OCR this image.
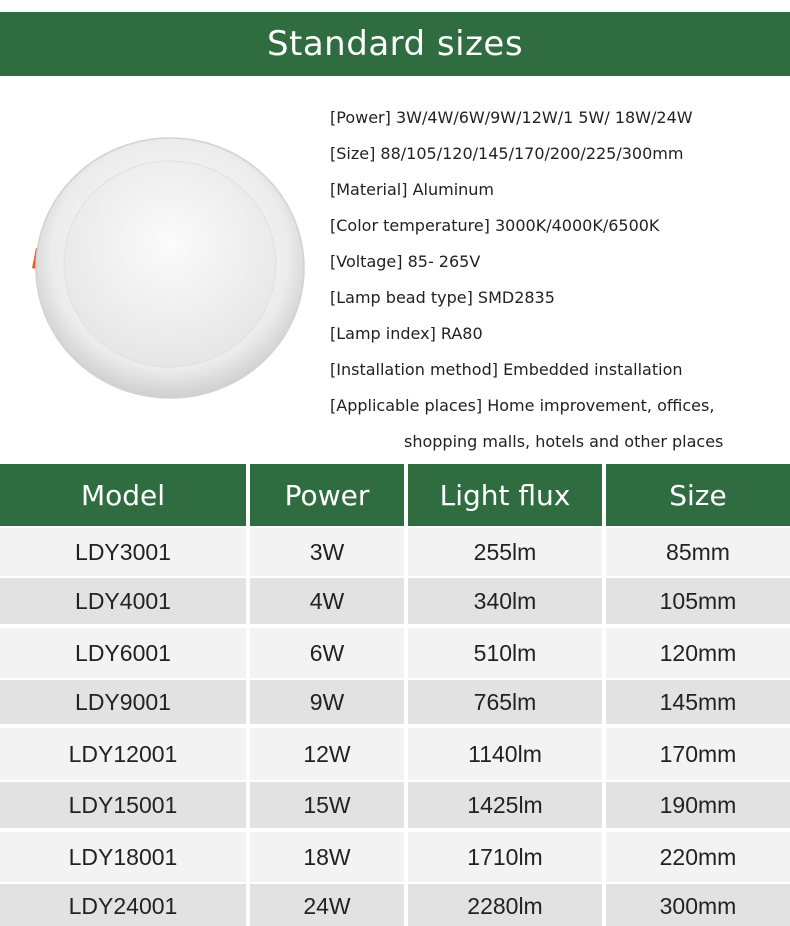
Standard sizes
[Power] 3W/4W/6W/9W/12W/1 5W/ 18W/24W
[Size] 88/105/120/145/170/200/225/300mm
[Material] Aluminum
[Color temperature] 3000K/4000K/6500K
[Voltage] 85- 265V
[Lamp bead type] SMD2835
[Lamp index] RA80
[Installation method] Embedded installation
[Applicable places] Home improvement, offices,
shopping malls, hotels and other places
Model	Power	Light flux	Size
LDY3001	3W	255lm	85mm
LDY4001	4W	340lm	105mm
LDY6001	6W	510lm	120mm
LDY9001	9W	765lm	145mm
LDY12001	12W	1140lm	170mm
LDY15001	15W	1425lm	190mm
LDY18001	18W	1710lm	220mm
LDY24001	24W	2280lm	300mm
